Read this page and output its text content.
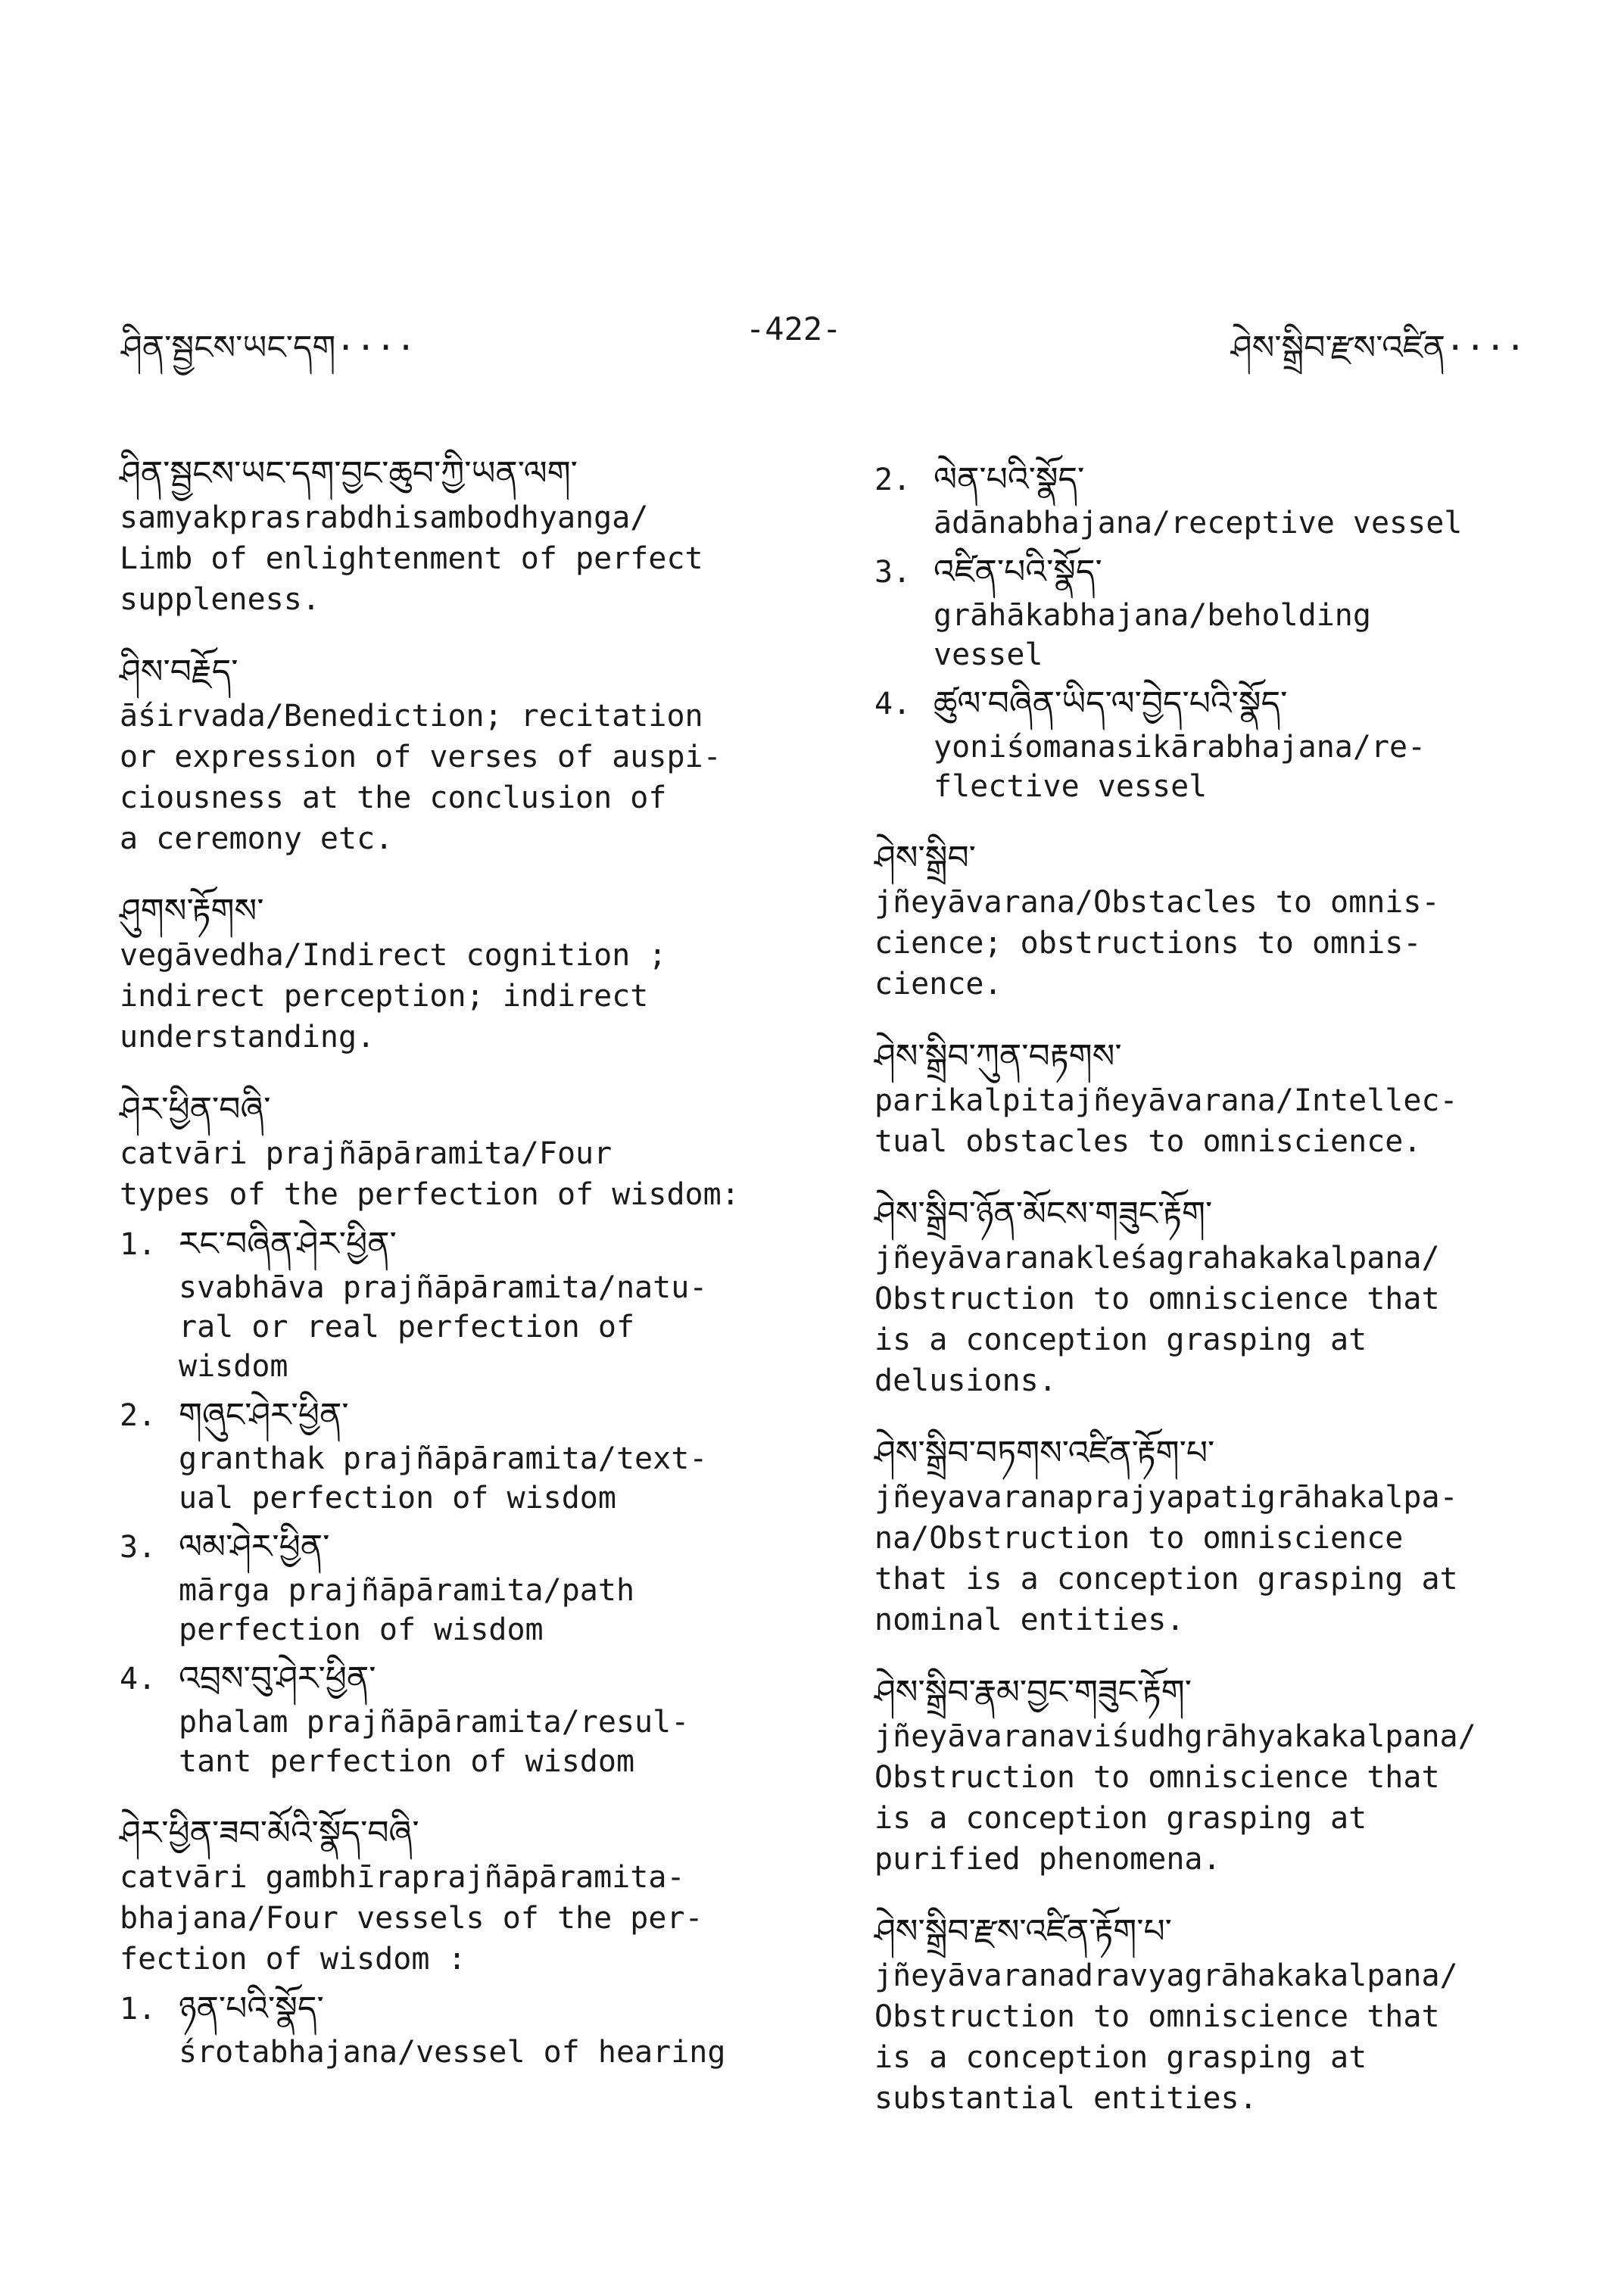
ཤིན་སྦྱངས་ཡང་དག····	-422-	ཤེས་སྒྲིབ་རྫས་འཛིན····
ཤིན་སྦྱངས་ཡང་དག་བྱང་ཆུབ་ཀྱི་ཡན་ལག་
samyakprasrabdhisambodhyanga/
Limb of enlightenment of perfect
suppleness.
ཤིས་བརྗོད་
āśirvada/Benediction; recitation
or expression of verses of auspi-
ciousness at the conclusion of
a ceremony etc.
ཤུགས་རྟོགས་
vegāvedha/Indirect cognition ;
indirect perception; indirect
understanding.
ཤེར་ཕྱིན་བཞི་
catvāri prajñāpāramita/Four
types of the perfection of wisdom:
1. རང་བཞིན་ཤེར་ཕྱིན་
svabhāva prajñāpāramita/natu-
ral or real perfection of
wisdom
2. གཞུང་ཤེར་ཕྱིན་
granthak prajñāpāramita/text-
ual perfection of wisdom
3. ལམ་ཤེར་ཕྱིན་
mārga prajñāpāramita/path
perfection of wisdom
4. འབྲས་བུ་ཤེར་ཕྱིན་
phalam prajñāpāramita/resul-
tant perfection of wisdom
ཤེར་ཕྱིན་ཟབ་མོའི་སྣོད་བཞི་
catvāri gambhīraprajñāpāramita-
bhajana/Four vessels of the per-
fection of wisdom :
1. ཉན་པའི་སྣོད་
śrotabhajana/vessel of hearing
2. ལེན་པའི་སྣོད་
ādānabhajana/receptive vessel
3. འཛིན་པའི་སྣོད་
grāhākabhajana/beholding
vessel
4. ཚུལ་བཞིན་ཡིད་ལ་བྱེད་པའི་སྣོད་
yoniśomanasikārabhajana/re-
flective vessel
ཤེས་སྒྲིབ་
jñeyāvarana/Obstacles to omnis-
cience; obstructions to omnis-
cience.
ཤེས་སྒྲིབ་ཀུན་བརྟགས་
parikalpitajñeyāvarana/Intellec-
tual obstacles to omniscience.
ཤེས་སྒྲིབ་ཉོན་མོངས་གཟུང་རྟོག་
jñeyāvaranakleśagrahakakalpana/
Obstruction to omniscience that
is a conception grasping at
delusions.
ཤེས་སྒྲིབ་བཏགས་འཛིན་རྟོག་པ་
jñeyavaranaprajyapatigrāhakalpa-
na/Obstruction to omniscience
that is a conception grasping at
nominal entities.
ཤེས་སྒྲིབ་རྣམ་བྱང་གཟུང་རྟོག་
jñeyāvaranaviśudhgrāhyakakalpana/
Obstruction to omniscience that
is a conception grasping at
purified phenomena.
ཤེས་སྒྲིབ་རྫས་འཛིན་རྟོག་པ་
jñeyāvaranadravyagrāhakakalpana/
Obstruction to omniscience that
is a conception grasping at
substantial entities.
